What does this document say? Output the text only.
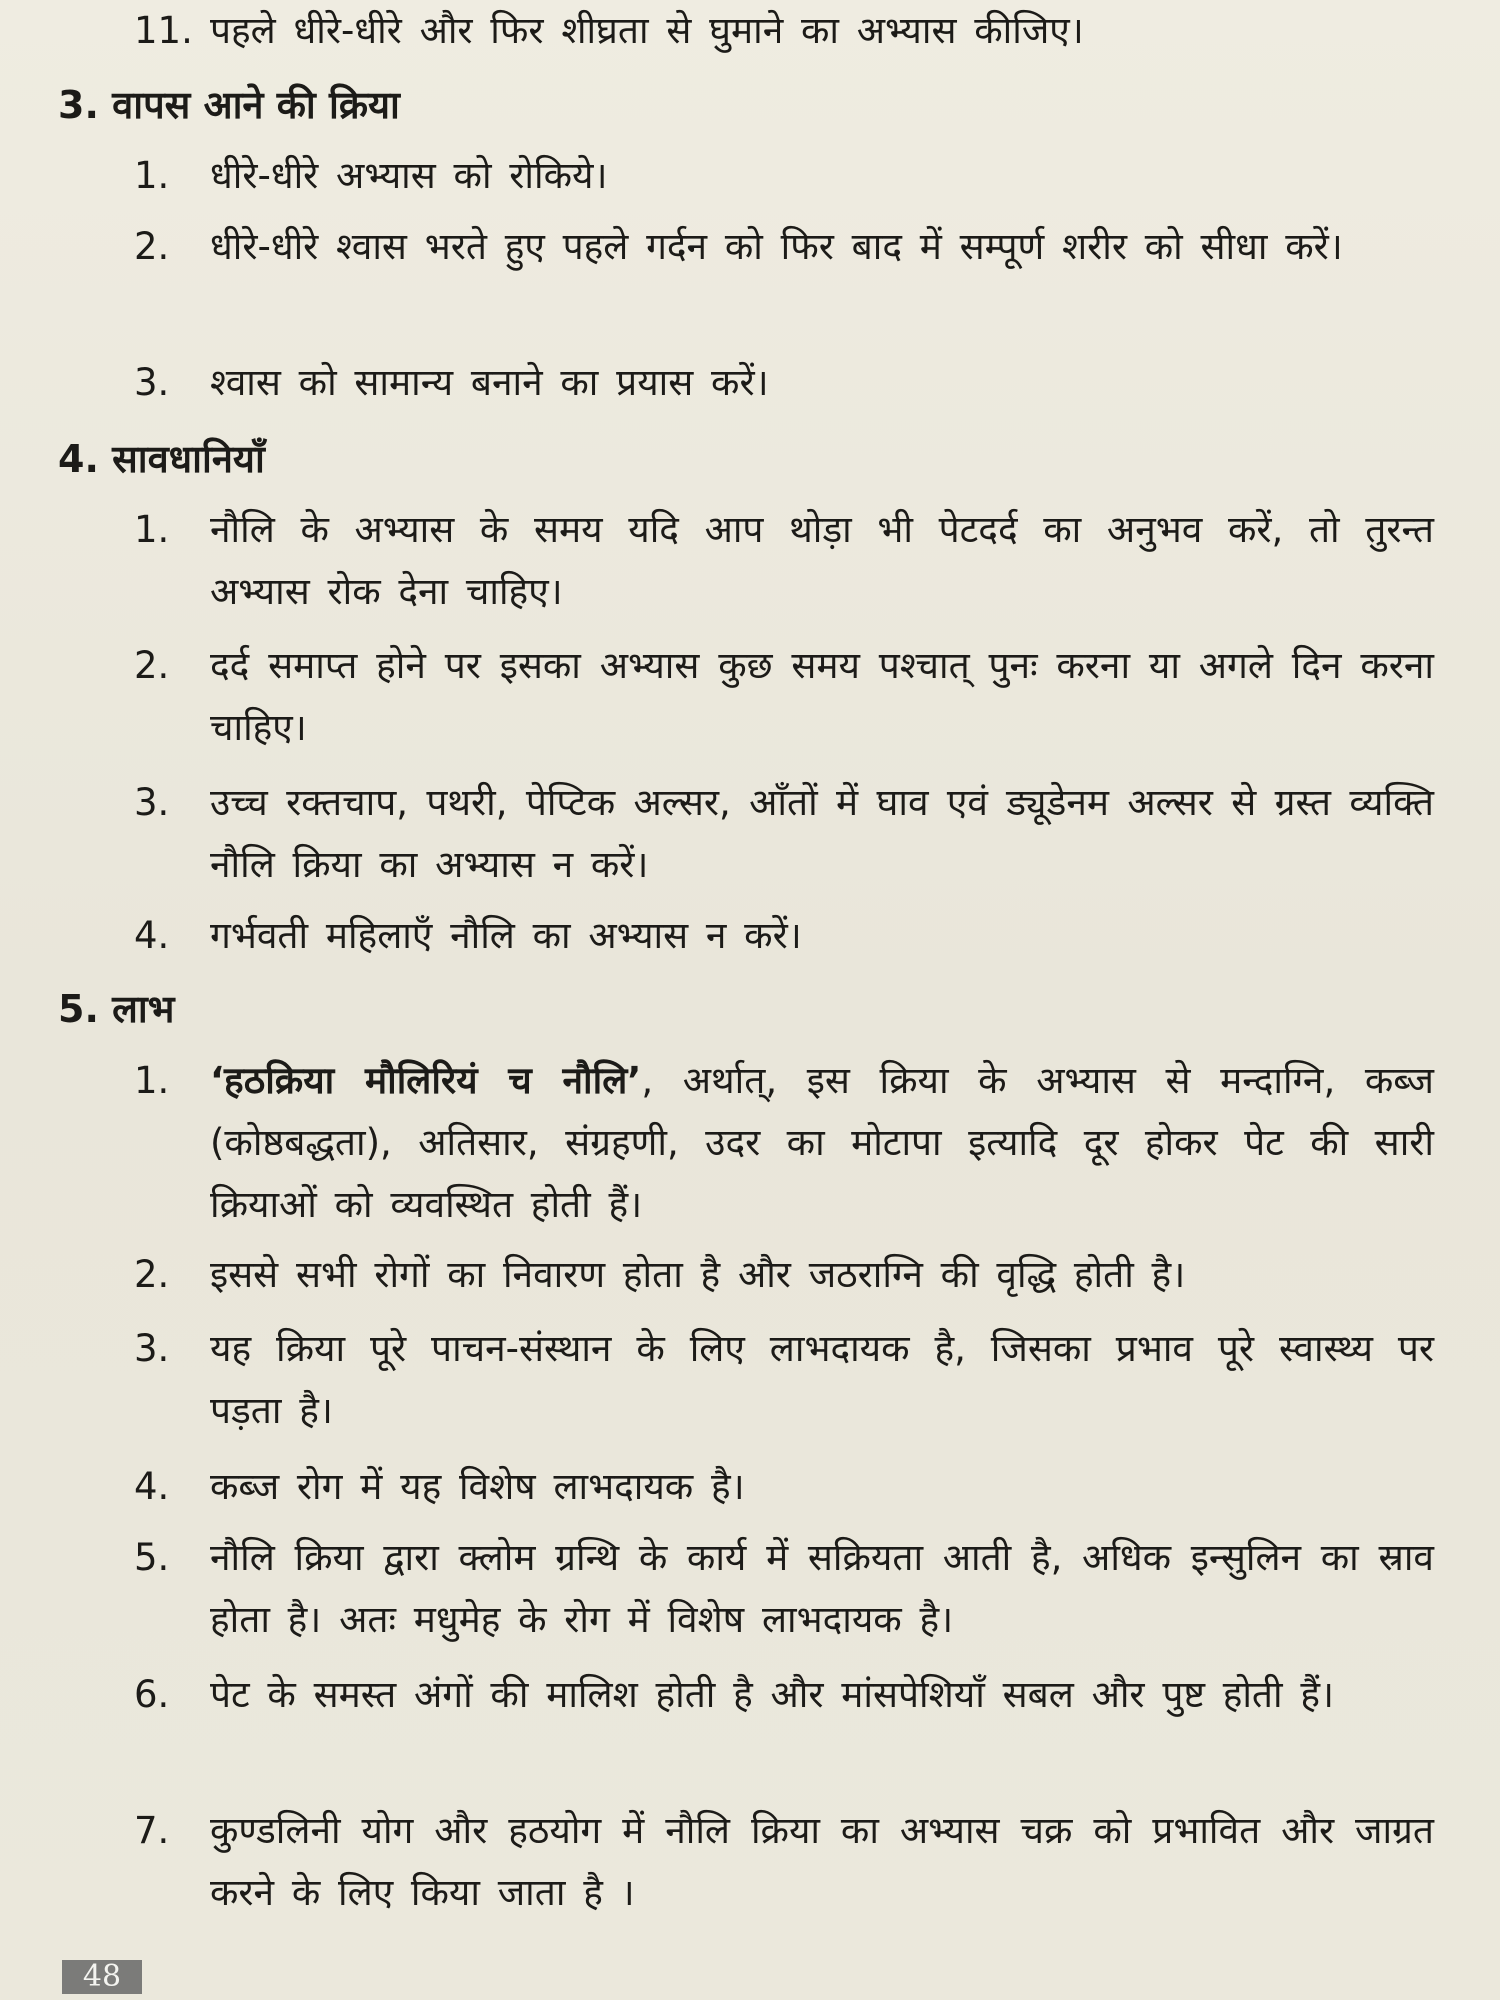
11. पहले धीरे-धीरे और फिर शीघ्रता से घुमाने का अभ्यास कीजिए।
3. वापस आने की क्रिया
1.	धीरे-धीरे अभ्यास को रोकिये।
2.	धीरे-धीरे श्वास भरते हुए पहले गर्दन को फिर बाद में सम्पूर्ण शरीर को सीधा करें।
3.	श्वास को सामान्य बनाने का प्रयास करें।
4. सावधानियाँ
1.	नौलि के अभ्यास के समय यदि आप थोड़ा भी पेटदर्द का अनुभव करें, तो तुरन्त अभ्यास रोक देना चाहिए।
2.	दर्द समाप्त होने पर इसका अभ्यास कुछ समय पश्चात् पुनः करना या अगले दिन करना चाहिए।
3.	उच्च रक्तचाप, पथरी, पेप्टिक अल्सर, आँतों में घाव एवं ड्यूडेनम अल्सर से ग्रस्त व्यक्ति नौलि क्रिया का अभ्यास न करें।
4.	गर्भवती महिलाएँ नौलि का अभ्यास न करें।
5. लाभ
1.	‘हठक्रिया मौलिरियं च नौलि’, अर्थात्, इस क्रिया के अभ्यास से मन्दाग्नि, कब्ज (कोष्ठबद्धता), अतिसार, संग्रहणी, उदर का मोटापा इत्यादि दूर होकर पेट की सारी क्रियाओं को व्यवस्थित होती हैं।
2.	इससे सभी रोगों का निवारण होता है और जठराग्नि की वृद्धि होती है।
3.	यह क्रिया पूरे पाचन-संस्थान के लिए लाभदायक है, जिसका प्रभाव पूरे स्वास्थ्य पर पड़ता है।
4.	कब्ज रोग में यह विशेष लाभदायक है।
5.	नौलि क्रिया द्वारा क्लोम ग्रन्थि के कार्य में सक्रियता आती है, अधिक इन्सुलिन का स्राव होता है। अतः मधुमेह के रोग में विशेष लाभदायक है।
6.	पेट के समस्त अंगों की मालिश होती है और मांसपेशियाँ सबल और पुष्ट होती हैं।
7.	कुण्डलिनी योग और हठयोग में नौलि क्रिया का अभ्यास चक्र को प्रभावित और जाग्रत करने के लिए किया जाता है ।
48
